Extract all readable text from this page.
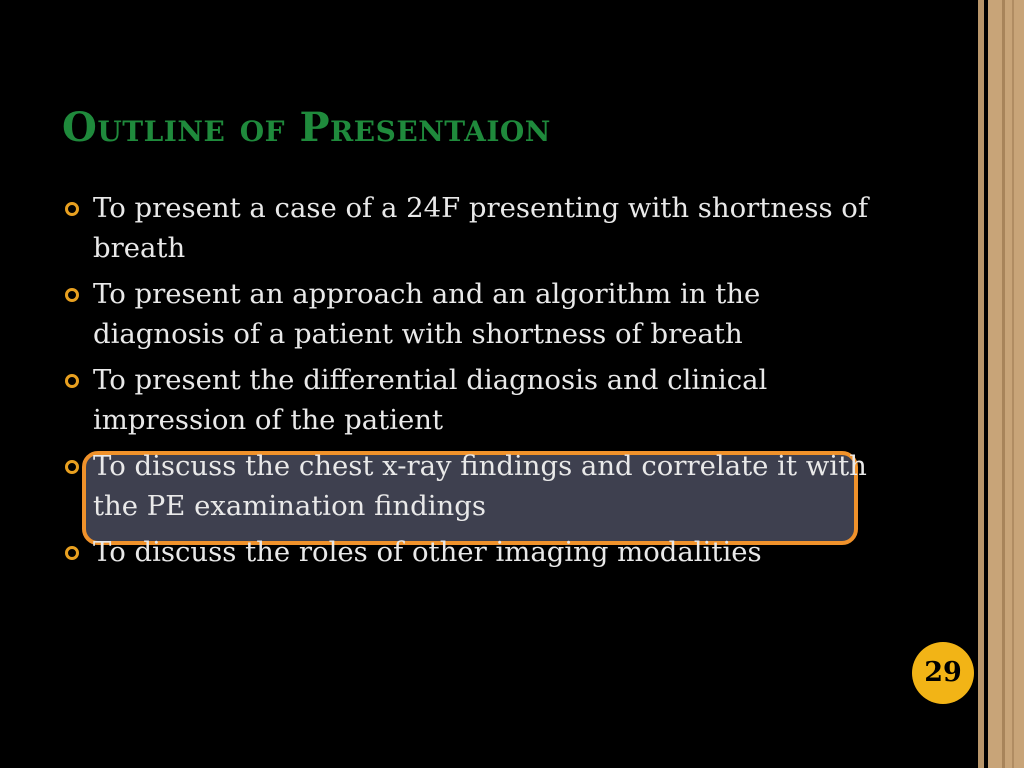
Outline of Presentaion
To present a case of a 24F presenting with shortness of breath
To present an approach and an algorithm in the diagnosis of a patient with shortness of breath
To present the differential diagnosis and clinical impression of the patient
To discuss the chest x-ray findings and correlate it with the PE examination findings
To discuss the roles of other imaging modalities
29
